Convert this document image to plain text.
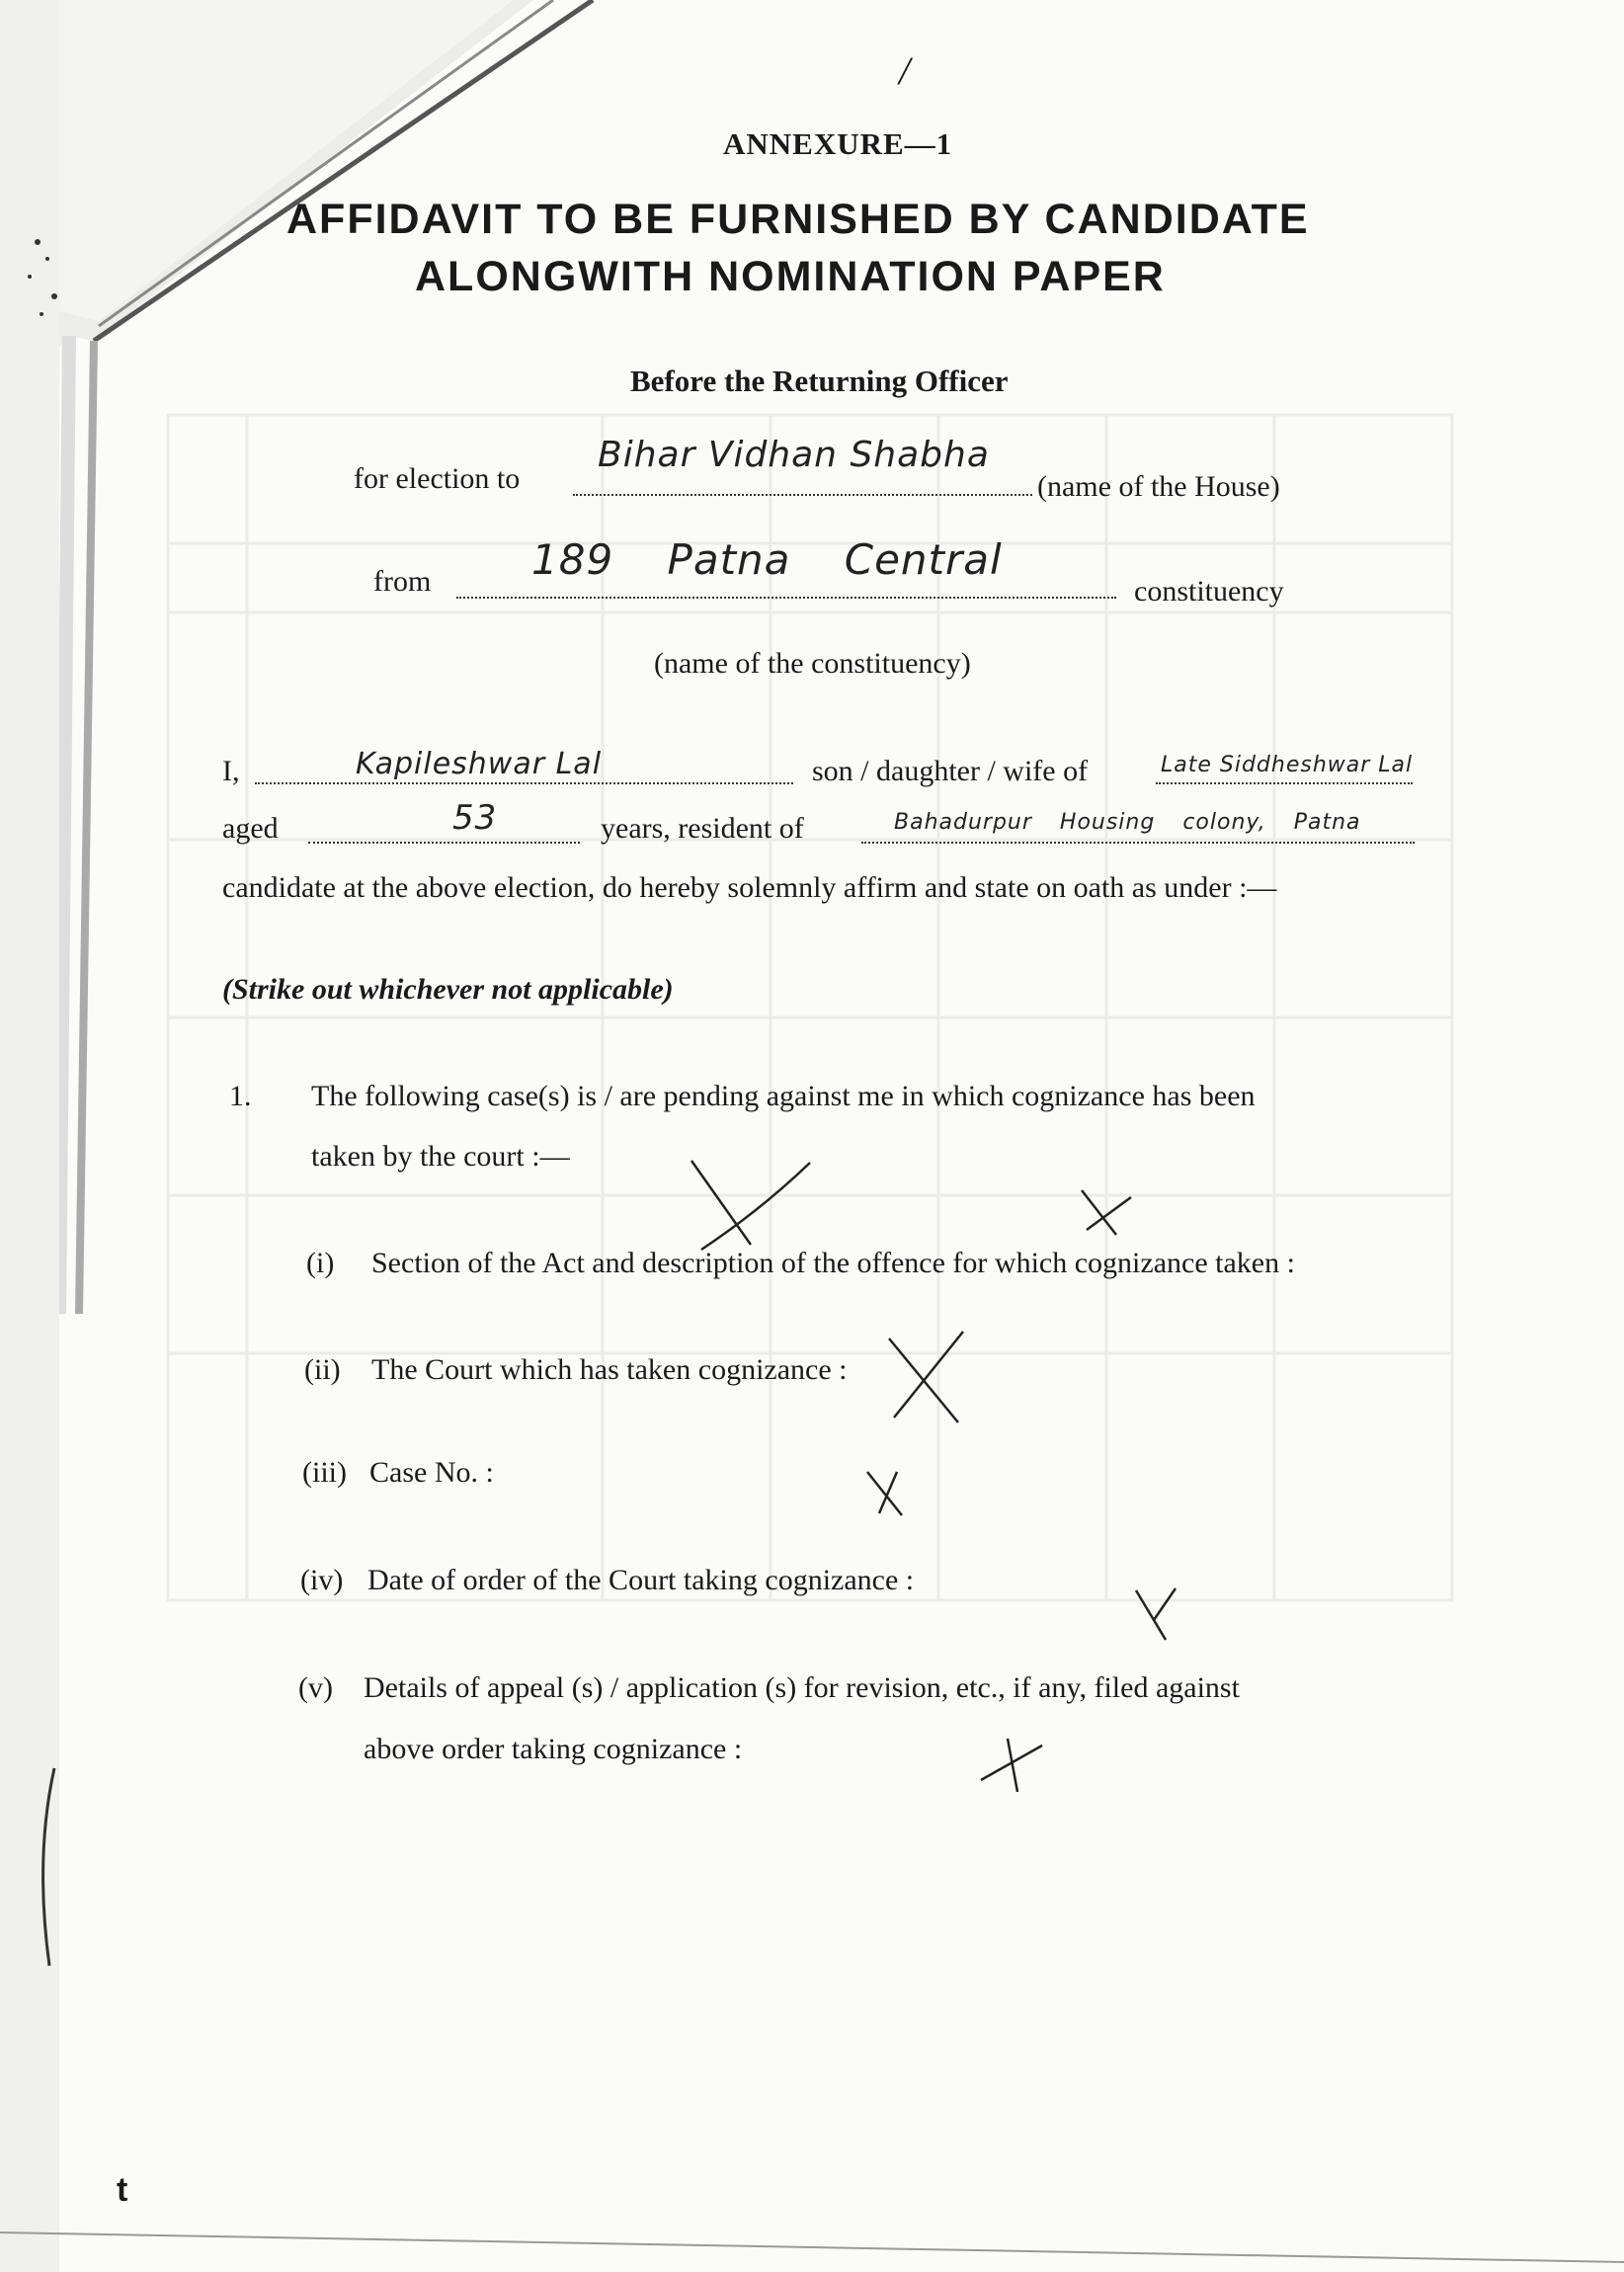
/
ANNEXURE—1
AFFIDAVIT TO BE FURNISHED BY CANDIDATE
ALONGWITH NOMINATION PAPER
Before the Returning Officer
for election to
Bihar Vidhan Shabha
(name of the House)
from 189 Patna Central
constituency
(name of the constituency)
I,	Kapileshwar Lal	son / daughter / wife of	Late Siddheshwar Lal
aged	53	years, resident of	Bahadurpur Housing colony, Patna
candidate at the above election, do hereby solemnly affirm and state on oath as under :—
(Strike out whichever not applicable)
1. The following case(s) is / are pending against me in which cognizance has been
taken by the court :—
(i) Section of the Act and description of the offence for which cognizance taken :
(ii) The Court which has taken cognizance :
(iii) Case No. :
(iv) Date of order of the Court taking cognizance :
(v) Details of appeal (s) / application (s) for revision, etc., if any, filed against
above order taking cognizance :
t
